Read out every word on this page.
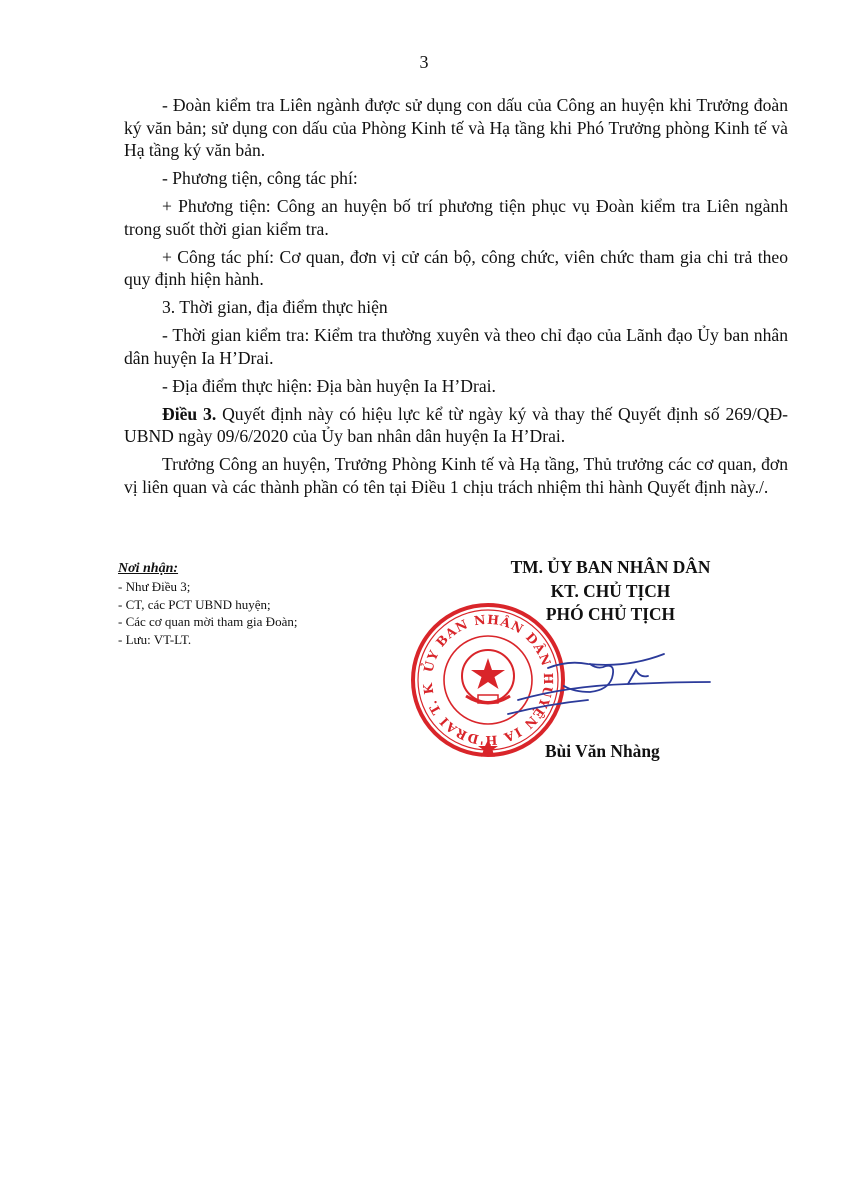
3

- Đoàn kiểm tra Liên ngành được sử dụng con dấu của Công an huyện khi Trưởng đoàn ký văn bản; sử dụng con dấu của Phòng Kinh tế và Hạ tầng khi Phó Trưởng phòng Kinh tế và Hạ tầng ký văn bản.

- Phương tiện, công tác phí:

+ Phương tiện: Công an huyện bố trí phương tiện phục vụ Đoàn kiểm tra Liên ngành trong suốt thời gian kiểm tra.

+ Công tác phí: Cơ quan, đơn vị cử cán bộ, công chức, viên chức tham gia chi trả theo quy định hiện hành.

3. Thời gian, địa điểm thực hiện

- Thời gian kiểm tra: Kiểm tra thường xuyên và theo chỉ đạo của Lãnh đạo Ủy ban nhân dân huyện Ia H’Drai.

- Địa điểm thực hiện: Địa bàn huyện Ia H’Drai.

Điều 3. Quyết định này có hiệu lực kể từ ngày ký và thay thế Quyết định số 269/QĐ-UBND ngày 09/6/2020 của Ủy ban nhân dân huyện Ia H’Drai.

Trưởng Công an huyện, Trưởng Phòng Kinh tế và Hạ tầng, Thủ trưởng các cơ quan, đơn vị liên quan và các thành phần có tên tại Điều 1 chịu trách nhiệm thi hành Quyết định này./.

Nơi nhận:
- Như Điều 3;
- CT, các PCT UBND huyện;
- Các cơ quan mời tham gia Đoàn;
- Lưu: VT-LT.
TM. ỦY BAN NHÂN DÂN
KT. CHỦ TỊCH
PHÓ CHỦ TỊCH
ỦY BAN NHÂN DÂN HUYỆN IA H'DRAI T. K
Bùi Văn Nhàng
